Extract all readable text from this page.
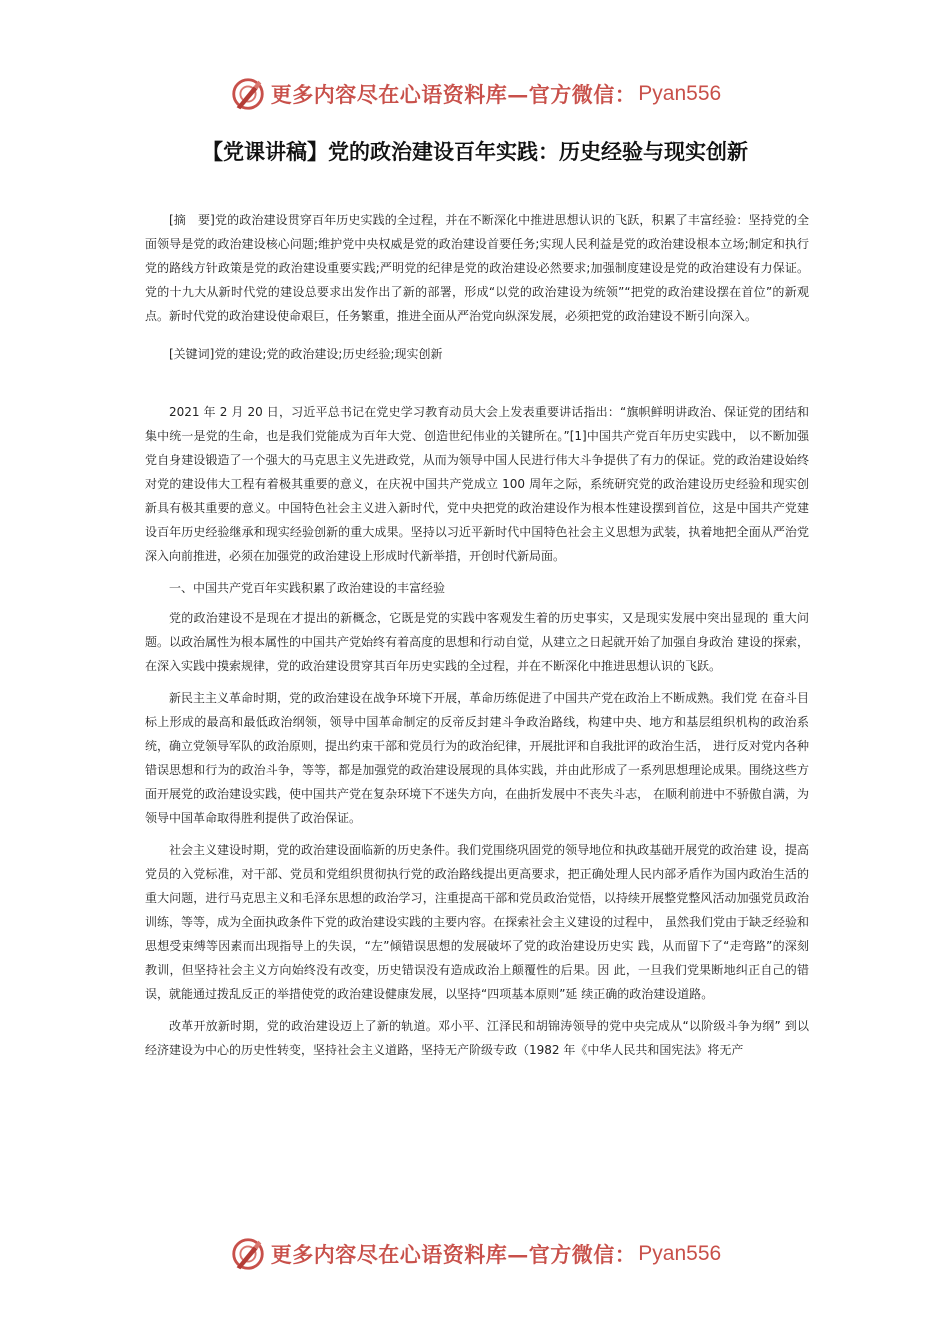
更多内容尽在心语资料库—官方微信： Pyan556
【党课讲稿】党的政治建设百年实践：历史经验与现实创新

[摘　要]党的政治建设贯穿百年历史实践的全过程，并在不断深化中推进思想认识的飞跃，积累了丰富经验：坚持党的全面领导是党的政治建设核心问题;维护党中央权威是党的政治建设首要任务;实现人民利益是党的政治建设根本立场;制定和执行党的路线方针政策是党的政治建设重要实践;严明党的纪律是党的政治建设必然要求;加强制度建设是党的政治建设有力保证。党的十九大从新时代党的建设总要求出发作出了新的部署，形成“以党的政治建设为统领”“把党的政治建设摆在首位”的新观点。新时代党的政治建设使命艰巨，任务繁重，推进全面从严治党向纵深发展，必须把党的政治建设不断引向深入。

[关键词]党的建设;党的政治建设;历史经验;现实创新

2021 年 2 月 20 日，习近平总书记在党史学习教育动员大会上发表重要讲话指出：“旗帜鲜明讲政治、保证党的团结和集中统一是党的生命，也是我们党能成为百年大党、创造世纪伟业的关键所在。”[1]中国共产党百年历史实践中， 以不断加强党自身建设锻造了一个强大的马克思主义先进政党，从而为领导中国人民进行伟大斗争提供了有力的保证。党的政治建设始终对党的建设伟大工程有着极其重要的意义，在庆祝中国共产党成立 100 周年之际，系统研究党的政治建设历史经验和现实创新具有极其重要的意义。中国特色社会主义进入新时代，党中央把党的政治建设作为根本性建设摆到首位，这是中国共产党建设百年历史经验继承和现实经验创新的重大成果。坚持以习近平新时代中国特色社会主义思想为武装，执着地把全面从严治党深入向前推进，必须在加强党的政治建设上形成时代新举措，开创时代新局面。

一、中国共产党百年实践积累了政治建设的丰富经验

党的政治建设不是现在才提出的新概念，它既是党的实践中客观发生着的历史事实，又是现实发展中突出显现的 重大问题。以政治属性为根本属性的中国共产党始终有着高度的思想和行动自觉，从建立之日起就开始了加强自身政治 建设的探索，在深入实践中摸索规律，党的政治建设贯穿其百年历史实践的全过程，并在不断深化中推进思想认识的飞跃。

新民主主义革命时期，党的政治建设在战争环境下开展，革命历练促进了中国共产党在政治上不断成熟。我们党 在奋斗目标上形成的最高和最低政治纲领，领导中国革命制定的反帝反封建斗争政治路线，构建中央、地方和基层组织机构的政治系统，确立党领导军队的政治原则，提出约束干部和党员行为的政治纪律，开展批评和自我批评的政治生活， 进行反对党内各种错误思想和行为的政治斗争，等等，都是加强党的政治建设展现的具体实践，并由此形成了一系列思想理论成果。围绕这些方面开展党的政治建设实践，使中国共产党在复杂环境下不迷失方向，在曲折发展中不丧失斗志， 在顺利前进中不骄傲自满，为领导中国革命取得胜利提供了政治保证。

社会主义建设时期，党的政治建设面临新的历史条件。我们党围绕巩固党的领导地位和执政基础开展党的政治建 设，提高党员的入党标准，对干部、党员和党组织贯彻执行党的政治路线提出更高要求，把正确处理人民内部矛盾作为国内政治生活的重大问题，进行马克思主义和毛泽东思想的政治学习，注重提高干部和党员政治觉悟，以持续开展整党整风活动加强党员政治训练，等等，成为全面执政条件下党的政治建设实践的主要内容。在探索社会主义建设的过程中， 虽然我们党由于缺乏经验和思想受束缚等因素而出现指导上的失误，“左”倾错误思想的发展破坏了党的政治建设历史实 践，从而留下了“走弯路”的深刻教训，但坚持社会主义方向始终没有改变，历史错误没有造成政治上颠覆性的后果。因 此，一旦我们党果断地纠正自己的错误，就能通过拨乱反正的举措使党的政治建设健康发展，以坚持“四项基本原则”延 续正确的政治建设道路。

改革开放新时期，党的政治建设迈上了新的轨道。邓小平、江泽民和胡锦涛领导的党中央完成从“以阶级斗争为纲” 到以经济建设为中心的历史性转变，坚持社会主义道路，坚持无产阶级专政（1982 年《中华人民共和国宪法》将无产

更多内容尽在心语资料库—官方微信： Pyan556
